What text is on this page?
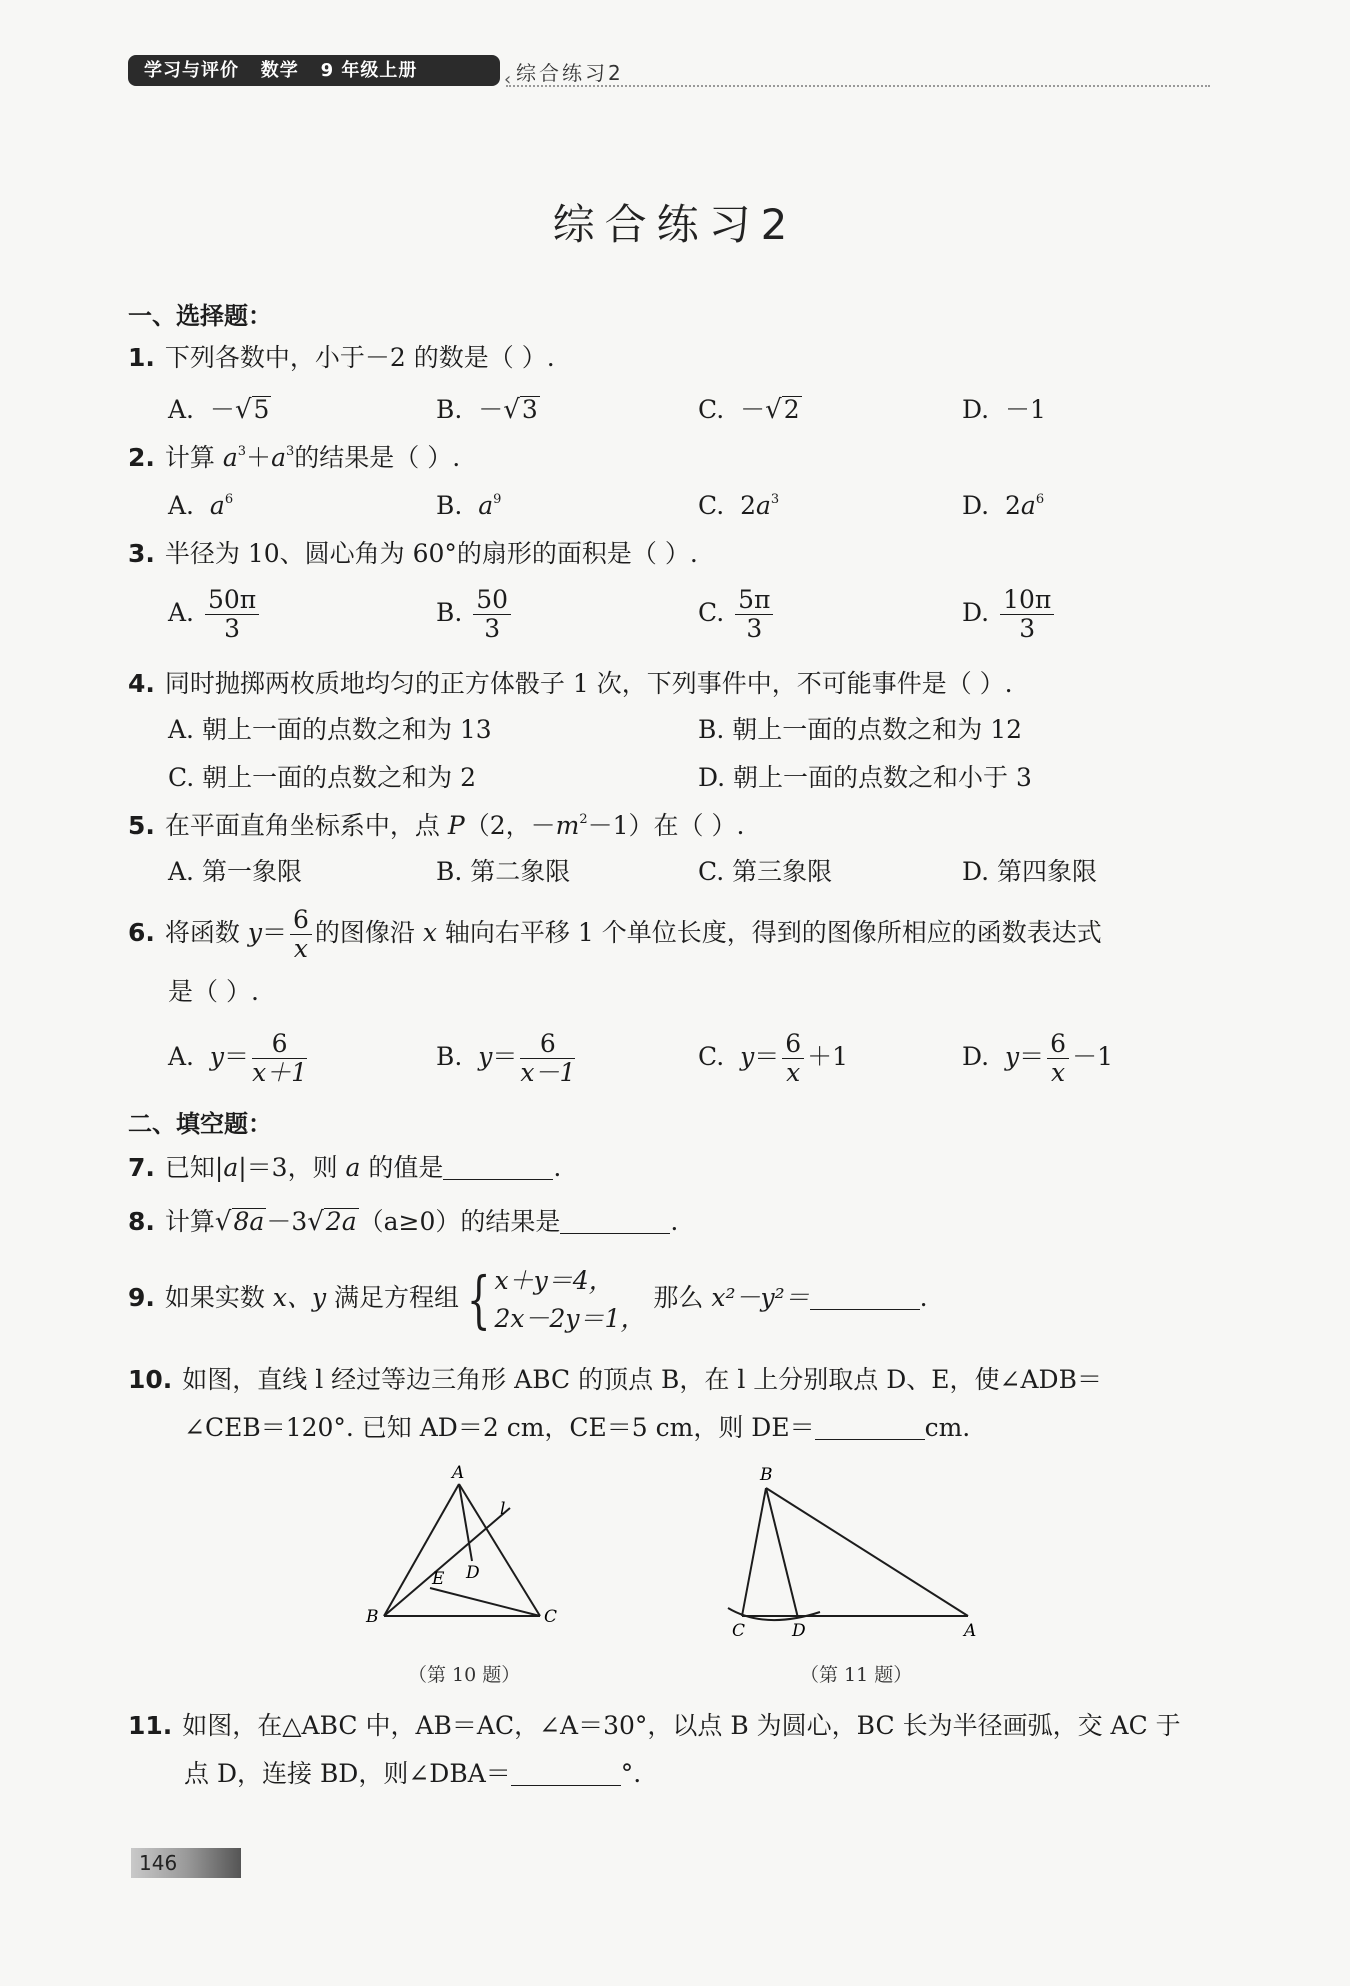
学习与评价   数学   9 年级上册	‹ 综合练习2
综合练习2
一、选择题：
1. 下列各数中，小于－2 的数是（ ）.
A. －√5	B. －√3	C. －√2	D. －1
2. 计算 $a^3+a^3$的结果是（ ）.
A. $a^6$	B. $a^9$	C. $2a^3$	D. $2a^6$
3. 半径为 10、圆心角为 60°的扇形的面积是（ ）.
A. $\frac{50\pi}{3}$	B. $\frac{50}{3}$	C. $\frac{5\pi}{3}$	D. $\frac{10\pi}{3}$
4. 同时抛掷两枚质地均匀的正方体骰子 1 次，下列事件中，不可能事件是（ ）.
A. 朝上一面的点数之和为 13	B. 朝上一面的点数之和为 12
C. 朝上一面的点数之和为 2	D. 朝上一面的点数之和小于 3
5. 在平面直角坐标系中，点 P（2，$-m^2-1$）在（ ）.
A. 第一象限	B. 第二象限	C. 第三象限	D. 第四象限
6. 将函数 $y= \frac{6}{x}$ 的图像沿 x 轴向右平移 1 个单位长度，得到的图像所相应的函数表达式
是（ ）.
A. $y= \frac{6}{x+1}$	B. $y= \frac{6}{x-1}$	C. $y= \frac{6}{x} +1$	D. $y= \frac{6}{x} -1$
二、填空题：
7. 已知|a|＝3，则 a 的值是	.
8. 计算√8a－3√2a（a≥0）的结果是	.
9. 如果实数 x、y 满足方程组 { x＋y＝4，
2x－2y＝1，
那么 x²－y²＝	.
10. 如图，直线 l 经过等边三角形 ABC 的顶点 B，在 l 上分别取点 D、E，使∠ADB＝
∠CEB＝120°. 已知 AD＝2 cm，CE＝5 cm，则 DE＝	cm.
A
B	C
D
E
l
（第 10 题）
B
C	D	A
（第 11 题）
11. 如图，在△ABC 中，AB＝AC，∠A＝30°，以点 B 为圆心，BC 长为半径画弧，交 AC 于
点 D，连接 BD，则∠DBA＝	°.
146
